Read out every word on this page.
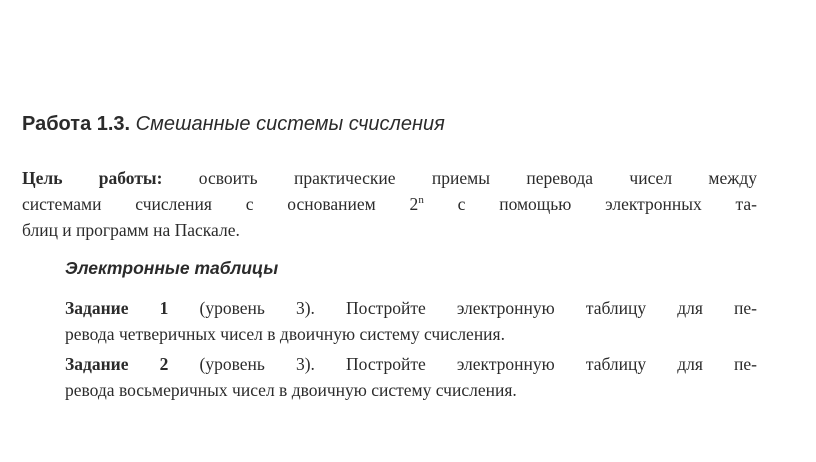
Работа 1.3. Смешанные системы счисления
Цель работы: освоить практические приемы перевода чисел между
системами счисления с основанием 2$^n$ с помощью электронных та-
блиц и программ на Паскале.
Электронные таблицы
Задание 1 (уровень 3). Постройте электронную таблицу для пе-
ревода четверичных чисел в двоичную систему счисления.
Задание 2 (уровень 3). Постройте электронную таблицу для пе-
ревода восьмеричных чисел в двоичную систему счисления.
